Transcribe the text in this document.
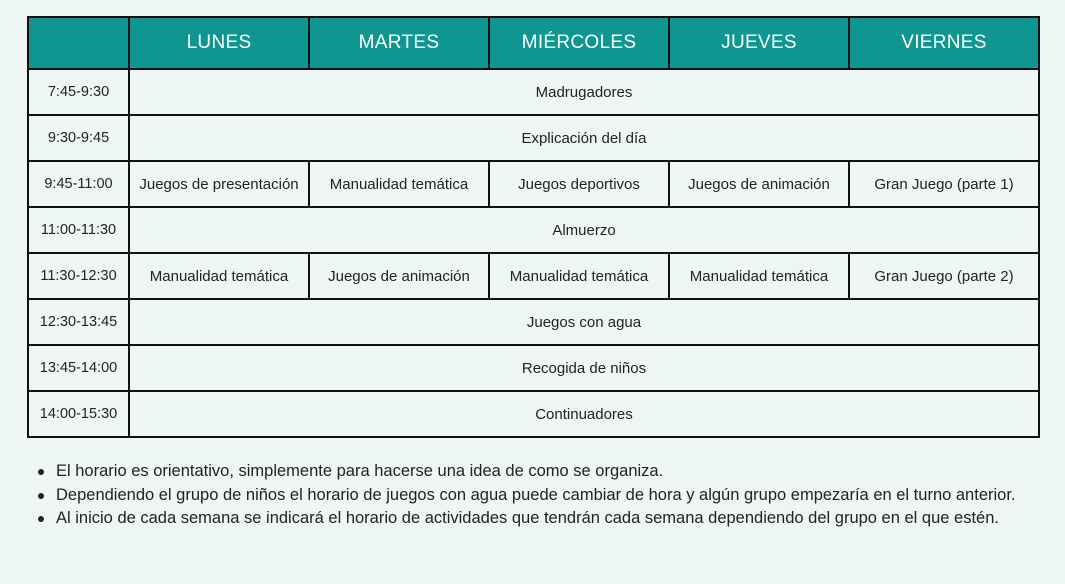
	LUNES	MARTES	MIÉRCOLES	JUEVES	VIERNES
7:45-9:30	Madrugadores				
9:30-9:45	Explicación del día				
9:45-11:00	Juegos de presentación	Manualidad temática	Juegos deportivos	Juegos de animación	Gran Juego (parte 1)
11:00-11:30	Almuerzo				
11:30-12:30	Manualidad temática	Juegos de animación	Manualidad temática	Manualidad temática	Gran Juego (parte 2)
12:30-13:45	Juegos con agua				
13:45-14:00	Recogida de niños				
14:00-15:30	Continuadores				
El horario es orientativo, simplemente para hacerse una idea de como se organiza.
Dependiendo el grupo de niños el horario de juegos con agua puede cambiar de hora y algún grupo empezaría en el turno anterior.
Al inicio de cada semana se indicará el horario de actividades que tendrán cada semana dependiendo del grupo en el que estén.
